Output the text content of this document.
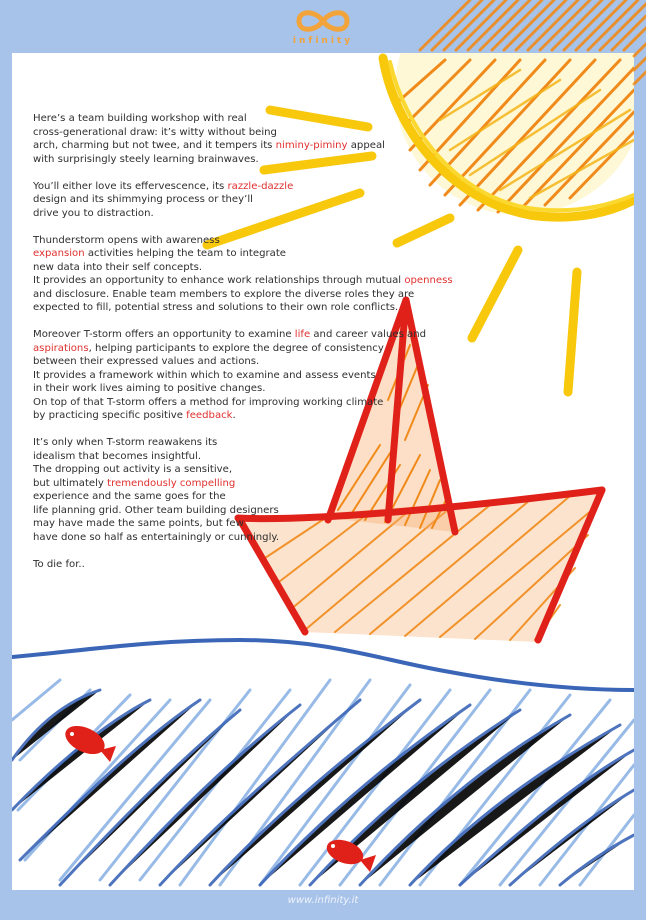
infinity
Here’s a team building workshop with real
cross-generational draw: it’s witty without being
arch, charming but not twee, and it tempers its niminy-piminy appeal
with surprisingly steely learning brainwaves.
You’ll either love its effervescence, its razzle-dazzle
design and its shimmying process or they’ll
drive you to distraction.
Thunderstorm opens with awareness
expansion activities helping the team to integrate
new data into their self concepts.
It provides an opportunity to enhance work relationships through mutual openness
and disclosure. Enable team members to explore the diverse roles they are
expected to fill, potential stress and solutions to their own role conflicts.
Moreover T-storm offers an opportunity to examine life and career values and
aspirations, helping participants to explore the degree of consistency
between their expressed values and actions.
It provides a framework within which to examine and assess events
in their work lives aiming to positive changes.
On top of that T-storm offers a method for improving working climate
by practicing specific positive feedback.
It’s only when T-storm reawakens its
idealism that becomes insightful.
The dropping out activity is a sensitive,
but ultimately tremendously compelling
experience and the same goes for the
life planning grid. Other team building designers
may have made the same points, but few
have done so half as entertainingly or cunningly.
To die for..
www.infinity.it
